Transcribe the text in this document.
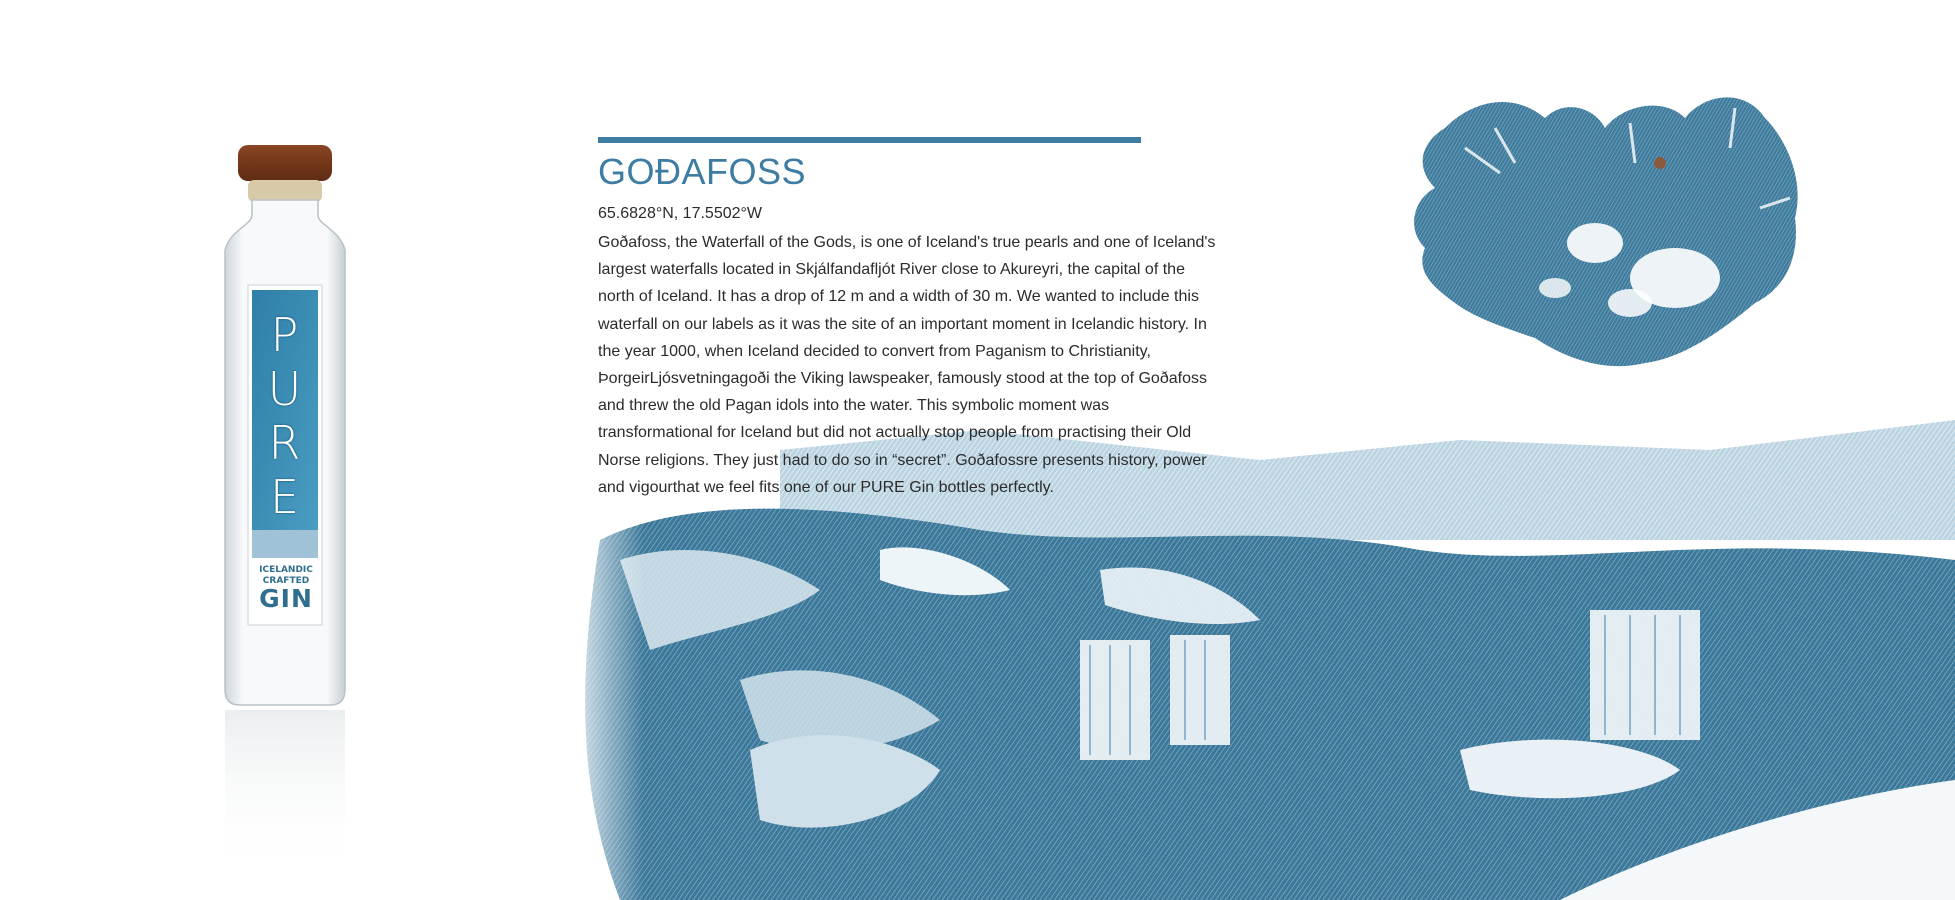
P
U
R
E
ICELANDIC
CRAFTED
GIN
GOÐAFOSS
65.6828°N, 17.5502°W
Goðafoss, the Waterfall of the Gods, is one of Iceland's true pearls and one of Iceland's
largest waterfalls located in Skjálfandafljót River close to Akureyri, the capital of the
north of Iceland. It has a drop of 12 m and a width of 30 m. We wanted to include this
waterfall on our labels as it was the site of an important moment in Icelandic history. In
the year 1000, when Iceland decided to convert from Paganism to Christianity,
ÞorgeirLjósvetningagoði the Viking lawspeaker, famously stood at the top of Goðafoss
and threw the old Pagan idols into the water. This symbolic moment was
transformational for Iceland but did not actually stop people from practising their Old
Norse religions. They just had to do so in “secret”. Goðafossre presents history, power
and vigourthat we feel fits one of our PURE Gin bottles perfectly.
